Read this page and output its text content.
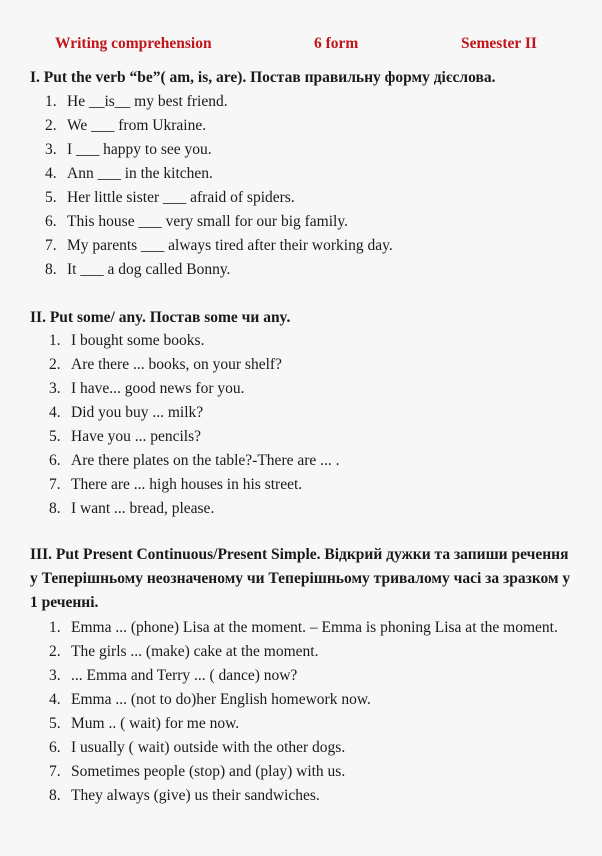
Writing comprehension	6 form	Semester II
I. Put the verb “be”( am, is, are). Постав правильну форму дієслова.
1. He __is__ my best friend.
2. We ___ from Ukraine.
3. I ___ happy to see you.
4. Ann ___ in the kitchen.
5. Her little sister ___ afraid of spiders.
6. This house ___ very small for our big family.
7. My parents ___ always tired after their working day.
8. It ___ a dog called Bonny.
II. Put some/ any. Постав some чи any.
1. I bought some books.
2. Are there ... books, on your shelf?
3. I have... good news for you.
4. Did you buy ... milk?
5. Have you ... pencils?
6. Are there plates on the table?-There are ... .
7. There are ... high houses in his street.
8. I want ... bread, please.
III. Put Present Continuous/Present Simple. Відкрий дужки та запиши речення у Теперішньому неозначеному чи Теперішньому тривалому часі за зразком у 1 реченні.
1. Emma ... (phone) Lisa at the moment. – Emma is phoning Lisa at the moment.
2. The girls ... (make) cake at the moment.
3. ... Emma and Terry ... ( dance) now?
4. Emma ... (not to do)her English homework now.
5. Mum .. ( wait) for me now.
6. I usually ( wait) outside with the other dogs.
7. Sometimes people (stop) and (play) with us.
8. They always (give) us their sandwiches.
